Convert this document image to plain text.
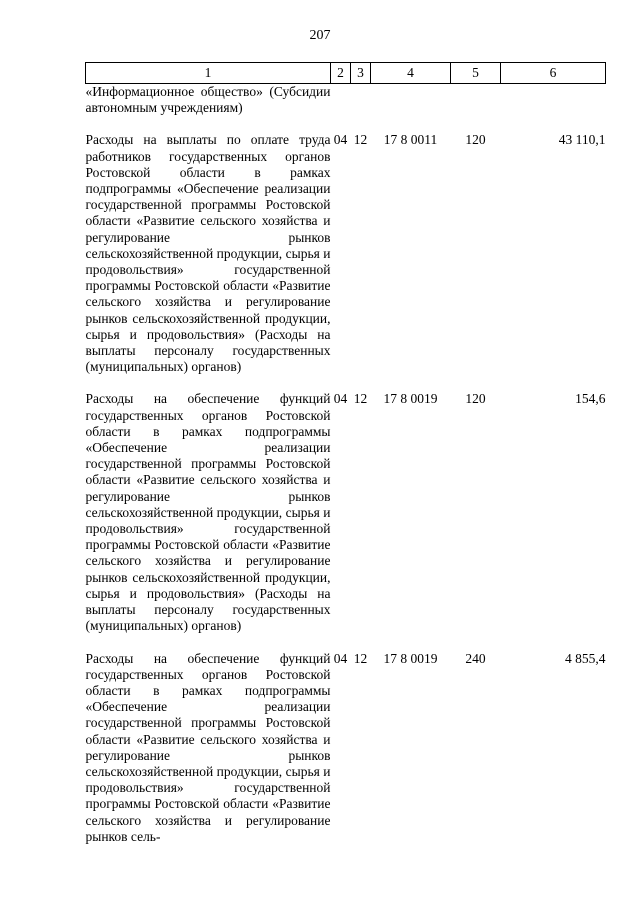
207
1	2	3	4	5	6
«Информационное общество» (Субсидии автономным учреждениям)					

Расходы на выплаты по оплате труда работников государственных органов Ростовской области в рамках подпрограммы «Обеспечение реализации государственной программы Ростовской области «Развитие сельского хозяйства и регулирование рынков сельскохозяйственной продукции, сырья и продовольствия» государственной программы Ростовской области «Развитие сельского хозяйства и регулирование рынков сельскохозяйственной продукции, сырья и продовольствия» (Расходы на выплаты персоналу государственных (муниципальных) органов)	04	12	17 8 0011	120	43 110,1

Расходы на обеспечение функций государственных органов Ростовской области в рамках подпрограммы «Обеспечение реализации государственной программы Ростовской области «Развитие сельского хозяйства и регулирование рынков сельскохозяйственной продукции, сырья и продовольствия» государственной программы Ростовской области «Развитие сельского хозяйства и регулирование рынков сельскохозяйственной продукции, сырья и продовольствия» (Расходы на выплаты персоналу государственных (муниципальных) органов)	04	12	17 8 0019	120	154,6

Расходы на обеспечение функций государственных органов Ростовской области в рамках подпрограммы «Обеспечение реализации государственной программы Ростовской области «Развитие сельского хозяйства и регулирование рынков сельскохозяйственной продукции, сырья и продовольствия» государственной программы Ростовской области «Развитие сельского хозяйства и регулирование рынков сель-	04	12	17 8 0019	240	4 855,4
